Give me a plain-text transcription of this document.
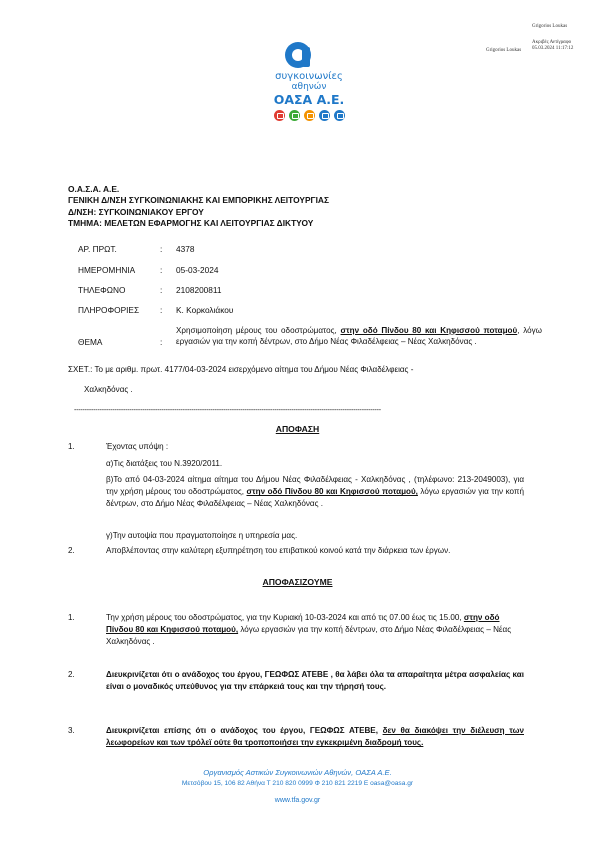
Grigorios Loukas
Grigorios Loukas
Ακριβές Αντίγραφο
05.03.2024 11:17:12
συγκοινωνίες
αθηνών
ΟΑΣΑ Α.Ε.
Ο.Α.Σ.Α. Α.Ε.
ΓΕΝΙΚΗ Δ/ΝΣΗ ΣΥΓΚΟΙΝΩΝΙΑΚΗΣ ΚΑΙ ΕΜΠΟΡΙΚΗΣ ΛΕΙΤΟΥΡΓΙΑΣ
Δ/ΝΣΗ: ΣΥΓΚΟΙΝΩΝΙΑΚΟΥ ΕΡΓΟΥ
ΤΜΗΜΑ: ΜΕΛΕΤΩΝ ΕΦΑΡΜΟΓΗΣ ΚΑΙ ΛΕΙΤΟΥΡΓΙΑΣ ΔΙΚΤΥΟΥ
ΑΡ. ΠΡΩΤ.	: 4378
ΗΜΕΡΟΜΗΝΙΑ	: 05-03-2024
ΤΗΛΕΦΩΝΟ	: 2108200811
ΠΛΗΡΟΦΟΡΙΕΣ	: Κ. Κορκολιάκου
ΘΕΜΑ	:
Χρησιμοποίηση μέρους του οδοστρώματος, στην οδό Πίνδου 80 και Κηφισσού ποταμού, λόγω εργασιών για την κοπή δέντρων, στο Δήμο Νέας Φιλαδέλφειας – Νέας Χαλκηδόνας .
ΣΧΕΤ.: Το με αριθμ. πρωτ. 4177/04-03-2024 εισερχόμενο αίτημα του Δήμου Νέας Φιλαδέλφειας -
Χαλκηδόνας .
------------------------------------------------------------------------------------------------------------------------------------------------
ΑΠΟΦΑΣΗ
1.	Έχοντας υπόψη :
α)Τις διατάξεις του Ν.3920/2011.
β)Το από 04-03-2024 αίτημα αίτημα του Δήμου Νέας Φιλαδέλφειας - Χαλκηδόνας , (τηλέφωνο: 213-2049003), για την χρήση μέρους του οδοστρώματος, στην οδό Πίνδου 80 και Κηφισσού ποταμού, λόγω εργασιών για την κοπή δέντρων, στο Δήμο Νέας Φιλαδέλφειας – Νέας Χαλκηδόνας .
γ)Την αυτοψία που πραγματοποίησε η υπηρεσία μας.
2.	Αποβλέποντας στην καλύτερη εξυπηρέτηση του επιβατικού κοινού κατά την διάρκεια των έργων.
ΑΠΟΦΑΣΙΖΟΥΜΕ
1.	Την χρήση μέρους του οδοστρώματος, για την Κυριακή 10-03-2024 και από τις 07.00 έως τις 15.00, στην οδό Πίνδου 80 και Κηφισσού ποταμού, λόγω εργασιών για την κοπή δέντρων, στο Δήμο Νέας Φιλαδέλφειας – Νέας Χαλκηδόνας .
2.	Διευκρινίζεται ότι ο ανάδοχος του έργου, ΓΕΩΦΩΣ ΑΤΕΒΕ , θα λάβει όλα τα απαραίτητα μέτρα ασφαλείας και είναι ο μοναδικός υπεύθυνος για την επάρκειά τους και την τήρησή τους.
3.	Διευκρινίζεται επίσης ότι ο ανάδοχος του έργου, ΓΕΩΦΩΣ ΑΤΕΒΕ, δεν θα διακόψει την διέλευση των λεωφορείων και των τρόλεϊ ούτε θα τροποποιήσει την εγκεκριμένη διαδρομή τους.
Οργανισμός Αστικών Συγκοινωνιών Αθηνών, ΟΑΣΑ Α.Ε.
Μετσόβου 15, 106 82 Αθήνα Τ 210 820 0999 Φ 210 821 2219 Ε oasa@oasa.gr
www.tfa.gov.gr
